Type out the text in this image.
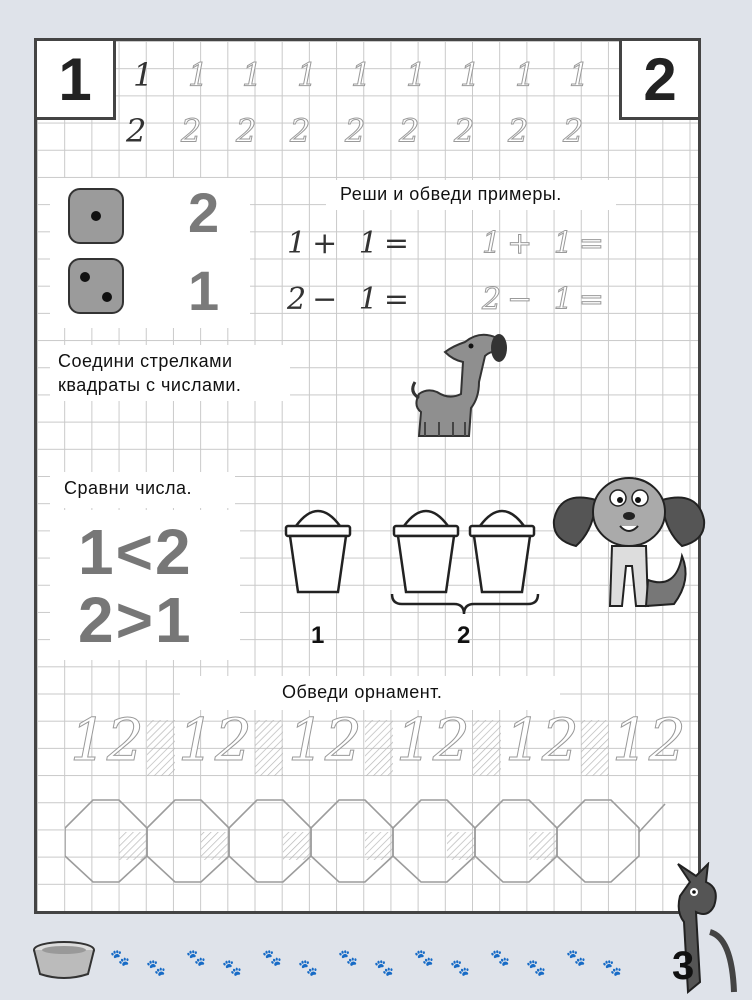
1	2
1 1 1 1 1 1 1 1 1
2 2 2 2 2 2 2 2 2
2
1
Соедини стрелками
квадраты с числами.
Реши и обведи примеры.
1+ 1= 1+ 1=
2− 1= 2− 1=
Сравни числа.
1<2
2>1	1	2
Обведи орнамент.
12 12 12 12 12 12
🐾
🐾
🐾
🐾
🐾
🐾
🐾
🐾
🐾
🐾
🐾
🐾
🐾
🐾 3
